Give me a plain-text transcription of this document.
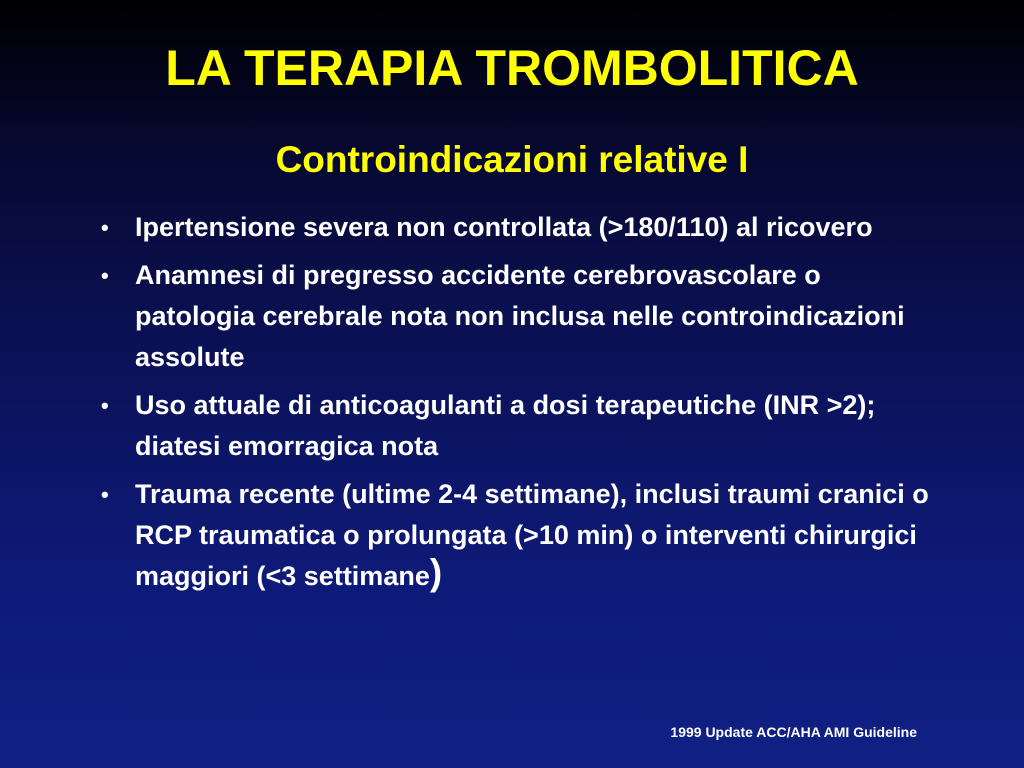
LA TERAPIA TROMBOLITICA
Controindicazioni relative I
• Ipertensione severa non controllata (>180/110) al ricovero
• Anamnesi di pregresso accidente cerebrovascolare o patologia cerebrale nota non inclusa nelle controindicazioni assolute
• Uso attuale di anticoagulanti a dosi terapeutiche (INR >2); diatesi emorragica nota
• Trauma recente (ultime 2-4 settimane), inclusi traumi cranici o RCP traumatica o prolungata (>10 min) o interventi chirurgici maggiori (<3 settimane)
1999 Update ACC/AHA AMI Guideline
